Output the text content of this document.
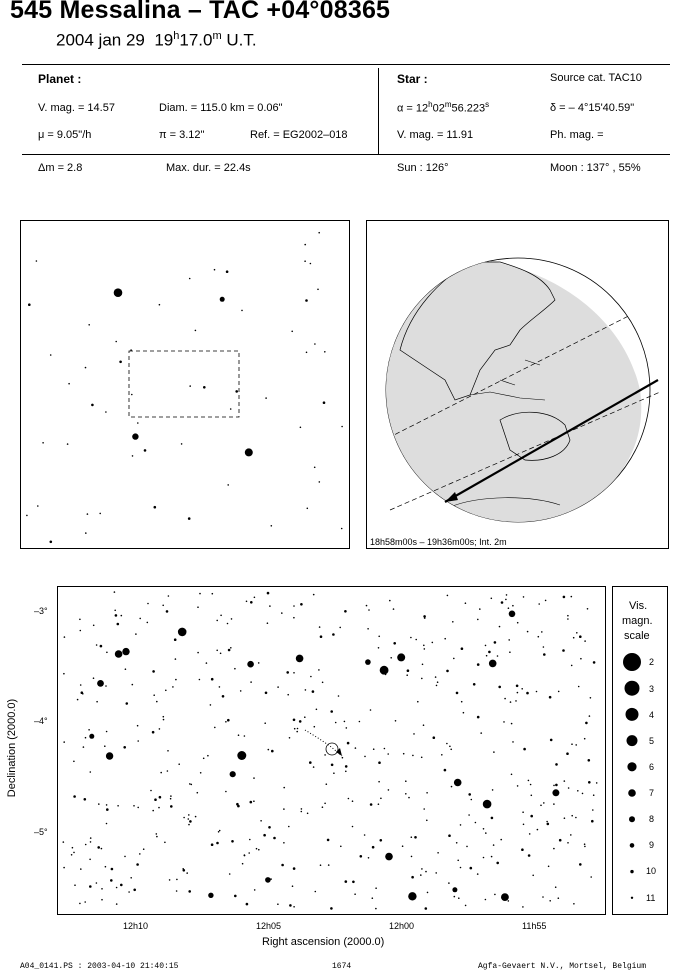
545 Messalina – TAC +04°08365
2004 jan 29 19$^h$17.0$^m$ U.T.
Planet :
V. mag. = 14.57	Diam. = 115.0 km = 0.06"
μ = 9.05"/h	π = 3.12"	Ref. = EG2002–018
Star :	Source cat. TAC10
$\alpha = 12^h02^m56.223^s$	δ = – 4°15'40.59"
V. mag. = 11.91	Ph. mag. =
Δm = 2.8	Max. dur. = 22.4s	Sun : 126°	Moon : 137° , 55%
18h58m00s – 19h36m00s; Int. 2m
Vis.
magn.
scale
Declination (2000.0)
Right ascension (2000.0)
–3°
–4°
–5°
12h10	12h05	12h00	11h55
2
3
4
5
6
7
8
9
10
11
A04_0141.PS : 2003-04-10 21:40:15	1674	Agfa-Gevaert N.V., Mortsel, Belgium
